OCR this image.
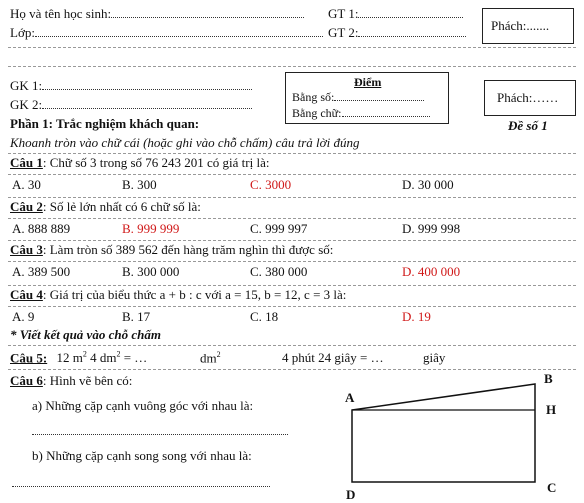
Họ và tên học sinh:	GT 1:
Lớp:	GT 2:	Phách:.......
GK 1:
GK 2:
Điểm
Bằng số:
Bằng chữ:
Phách:……
Phần 1: Trắc nghiệm khách quan:	Đề số 1
Khoanh tròn vào chữ cái (hoặc ghi vào chỗ chấm) câu trả lời đúng
Câu 1: Chữ số 3 trong số 76 243 201 có giá trị là:
A. 30	B. 300	C. 3000	D. 30 000
Câu 2: Số lẻ lớn nhất có 6 chữ số là:
A. 888 889	B. 999 999	C. 999 997	D. 999 998
Câu 3: Làm tròn số 389 562 đến hàng trăm nghìn thì được số:
A. 389 500	B. 300 000	C. 380 000	D. 400 000
Câu 4: Giá trị của biểu thức a + b : c với a = 15, b = 12, c = 3 là:
A. 9	B. 17	C. 18	D. 19
* Viết kết quả vào chỗ chấm
Câu 5: 12 $m^2$ 4 $dm^2$ = …	$dm^2$	4 phút 24 giây = …	giây
Câu 6: Hình vẽ bên có:
a) Những cặp cạnh vuông góc với nhau là:
b) Những cặp cạnh song song với nhau là:
A
B
H
C
D
